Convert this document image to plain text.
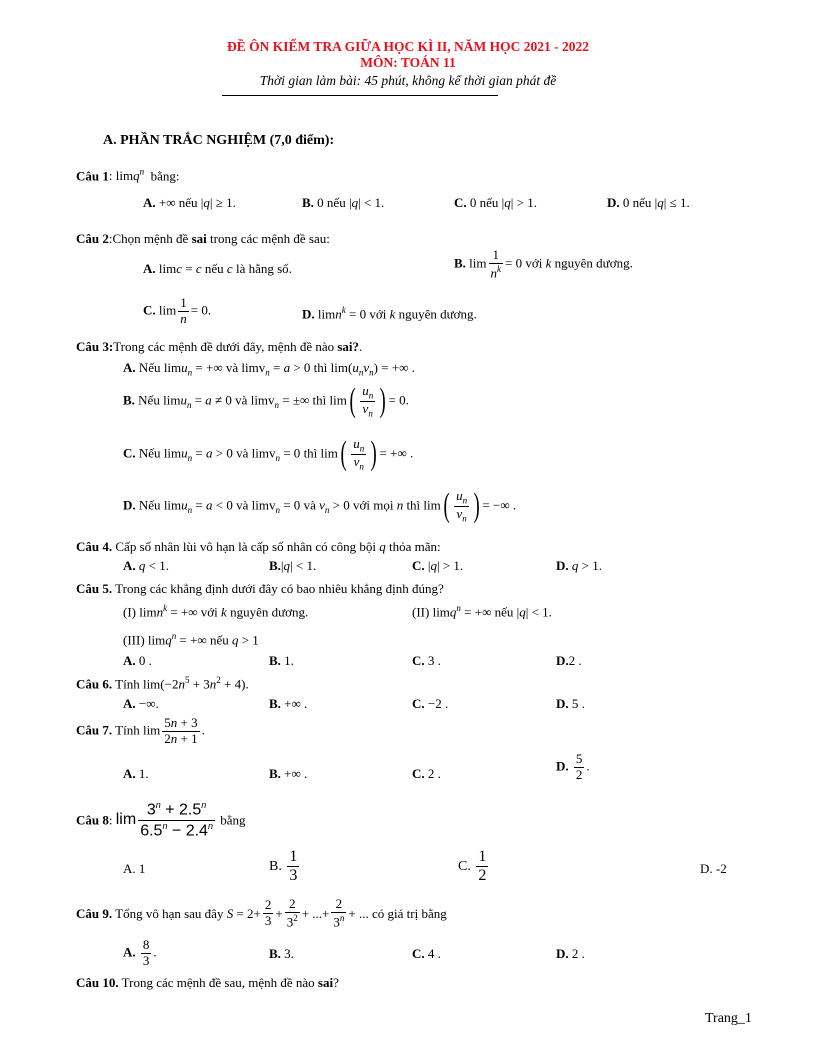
ĐỀ ÔN KIỂM TRA GIỮA HỌC KÌ II, NĂM HỌC 2021 - 2022
MÔN: TOÁN 11
Thời gian làm bài: 45 phút, không kể thời gian phát đề
A. PHẦN TRẮC NGHIỆM (7,0 điểm):
Câu 1: limq$^n$ bằng:
A. +∞ nếu |q| ≥ 1.	B. 0 nếu |q| < 1.	C. 0 nếu |q| > 1.	D. 0 nếu |q| ≤ 1.
Câu 2:Chọn mệnh đề sai trong các mệnh đề sau:
A. limc = c nếu c là hằng số.	B. $\lim \frac{1}{n^k} = 0$ với k nguyên dương.
C. $\lim \frac{1}{n} = 0$.	D. limn$^k$ = 0 với k nguyên dương.
Câu 3:Trong các mệnh đề dưới đây, mệnh đề nào sai?.
A. Nếu limu$_n$ = +∞ và limv$_n$ = a > 0 thì $\lim(u_nv_n)$ = +∞ .
B. Nếu limu$_n$ = a ≠ 0 và limv$_n$ = ±∞ thì $\lim( \frac{u_n}{v_n}$ ) = 0.
C. Nếu limu$_n$ = a > 0 và limv$_n$ = 0 thì $\lim( \frac{u_n}{v_n}$ ) = +∞ .
D. Nếu limu$_n$ = a < 0 và limv$_n$ = 0 và $v_n > 0$ với mọi n thì $\lim( \frac{u_n}{v_n}$ ) = −∞ .
Câu 4. Cấp số nhân lùi vô hạn là cấp số nhân có công bội q thỏa mãn:
A. q < 1.	B.|q| < 1.	C. |q| > 1.	D. q > 1.
Câu 5. Trong các khẳng định dưới đây có bao nhiêu khẳng định đúng?
(I) limn$^k$ = +∞ với k nguyên dương.	(II) limq$^n$ = +∞ nếu |q| < 1.
(III) limq$^n$ = +∞ nếu q > 1
A. 0 .	B. 1.	C. 3 .	D.2 .
Câu 6. Tính $\lim(-2n^5 + 3n^2 + 4)$.
A. −∞.	B. +∞ .	C. −2 .	D. 5 .
Câu 7. Tính $\lim \frac{5n + 3}{2n + 1}$ .
A. 1.	B. +∞ .	C. 2 .
D. $\frac{5}{2}$ .
Câu 8: $\lim \frac{3^n + 2.5^n}{6.5^n - 2.4^n}$ bằng
A. 1	B. $\frac{1}{3}$	C. $\frac{1}{2}$	D. -2
Câu 9. Tổng vô hạn sau đây $S = 2+ \frac{2}{3} + \frac{2}{3^2}$ + ...+ $\frac{2}{3^n}$ + ... có giá trị bằng
A. $\frac{8}{3}$ .	B. 3.	C. 4 .	D. 2 .
Câu 10. Trong các mệnh đề sau, mệnh đề nào sai?
Trang_1
